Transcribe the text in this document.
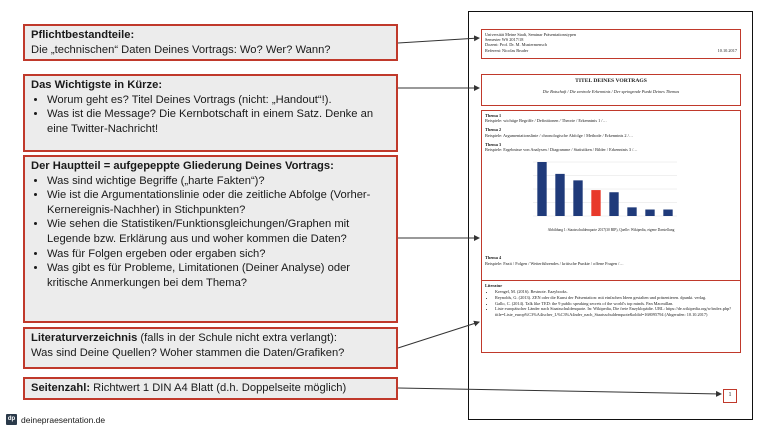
Pflichtbestandteile:
Die „technischen“ Daten Deines Vortrags: Wo? Wer? Wann?
Das Wichtigste in Kürze:
• Worum geht es? Titel Deines Vortrags (nicht: „Handout“!).
• Was ist die Message? Die Kernbotschaft in einem Satz. Denke an eine Twitter-Nachricht!
Der Hauptteil = aufgepeppte Gliederung Deines Vortrags:
• Was sind wichtige Begriffe („harte Fakten“)?
• Wie ist die Argumentationslinie oder die zeitliche Abfolge (Vorher-Kernereignis-Nachher) in Stichpunkten?
• Wie sehen die Statistiken/Funktionsgleichungen/Graphen mit Legende bzw. Erklärung aus und woher kommen die Daten?
• Was für Folgen ergeben oder ergaben sich?
• Was gibt es für Probleme, Limitationen (Deiner Analyse) oder kritische Anmerkungen bei dem Thema?
Literaturverzeichnis (falls in der Schule nicht extra verlangt):
Was sind Deine Quellen? Woher stammen die Daten/Grafiken?
Seitenzahl: Richtwert 1 DIN A4 Blatt (d.h. Doppelseite möglich)
Universität Meine Stadt, Seminar Präsentationstypen
Semester WS 2017/18
Dozent: Prof. Dr. M. Mustermensch
Referent: Nicolas Bruder	10.10.2017
TITEL DEINES VORTRAGS
Die Botschaft / Die zentrale Erkenntnis / Der springende Punkt Deines Themas
Thema 1
Beispiele: wichtige Begriffe / Definitionen / Theorie / Erkenntnis 1 /…
Thema 2
Beispiele: Argumentationslinie / chronologische Abfolge / Methode / Erkenntnis 2 /…
Thema 3
Beispiele: Ergebnisse von Analysen / Diagramme / Statistiken / Bilder / Erkenntnis 3 /…
Abbildung 1: Staatsschuldenquote 2017(30 BIP), Quelle: Wikipedia, eigene Darstellung
Thema 4
Beispiele: Fazit / Folgen / Weiterführendes / kritische Punkte / offene Fragen /…
Literatur
• Krengel, M. (2016). Bestnote. Eazybooks.
• Reynolds, G. (2013). ZEN oder die Kunst der Präsentation: mit einfachen Ideen gestalten und präsentieren. dpunkt. verlag.
• Gallo, C. (2014). Talk like TED: the 9 public speaking secrets of the world's top minds. Pan Macmillan.
• Liste europäischer Länder nach Staatsschuldenquote. In: Wikipedia, Die freie Enzyklopädie. URL: https://de.wikipedia.org/w/index.php?title=Liste_europ%C3%A4ischer_L%C3%A4nder_nach_Staatsschuldenquote&oldid=168095794 (Abgerufen: 10.10.2017)
1
dp deinepraesentation.de
